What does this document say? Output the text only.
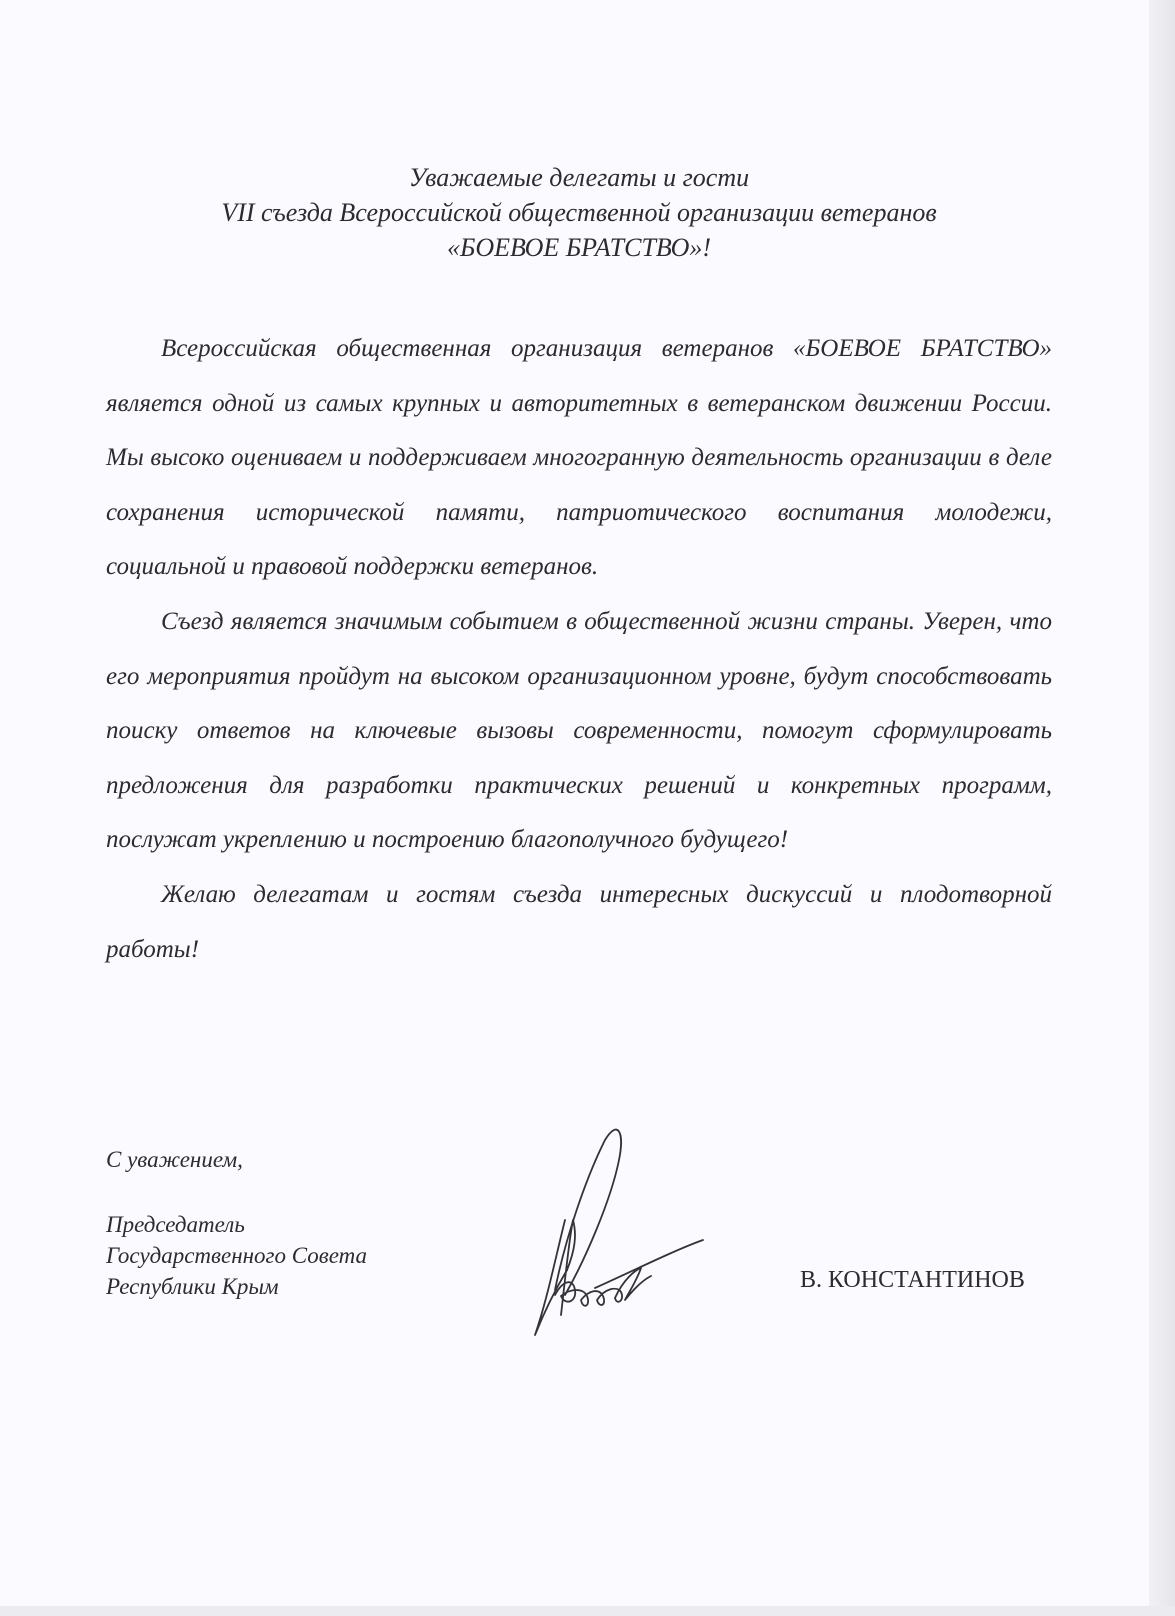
Уважаемые делегаты и гости
VII съезда Всероссийской общественной организации ветеранов
«БОЕВОЕ БРАТСТВО»!

Всероссийская общественная организация ветеранов «БОЕВОЕ БРАТСТВО» является одной из самых крупных и авторитетных в ветеранском движении России. Мы высоко оцениваем и поддерживаем многогранную деятельность организации в деле сохранения исторической памяти, патриотического воспитания молодежи, социальной и правовой поддержки ветеранов.

Съезд является значимым событием в общественной жизни страны. Уверен, что его мероприятия пройдут на высоком организационном уровне, будут способствовать поиску ответов на ключевые вызовы современности, помогут сформулировать предложения для разработки практических решений и конкретных программ, послужат укреплению и построению благополучного будущего!

Желаю делегатам и гостям съезда интересных дискуссий и плодотворной работы!

С уважением,
Председатель
Государственного Совета
Республики Крым	В. КОНСТАНТИНОВ
